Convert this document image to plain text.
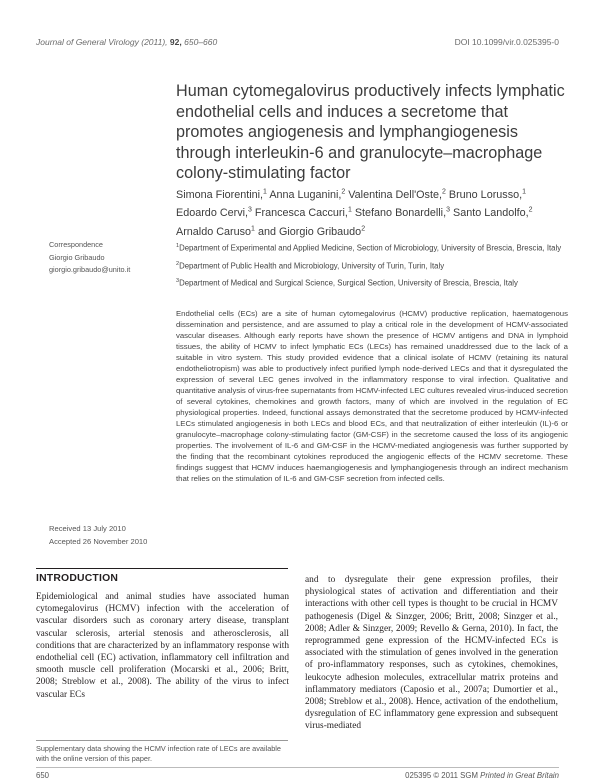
Journal of General Virology (2011), 92, 650–660	DOI 10.1099/vir.0.025395-0
Human cytomegalovirus productively infects lymphatic endothelial cells and induces a secretome that promotes angiogenesis and lymphangiogenesis through interleukin-6 and granulocyte–macrophage colony-stimulating factor
Simona Fiorentini,$^1$ Anna Luganini,$^2$ Valentina Dell'Oste,$^2$ Bruno Lorusso,$^1$ Edoardo Cervi,$^3$ Francesca Caccuri,$^1$ Stefano Bonardelli,$^3$ Santo Landolfo,$^2$ Arnaldo Caruso$^1$ and Giorgio Gribaudo$^2$
Correspondence
Giorgio Gribaudo
giorgio.gribaudo@unito.it
$^1$Department of Experimental and Applied Medicine, Section of Microbiology, University of Brescia, Brescia, Italy
$^2$Department of Public Health and Microbiology, University of Turin, Turin, Italy
$^3$Department of Medical and Surgical Science, Surgical Section, University of Brescia, Brescia, Italy
Endothelial cells (ECs) are a site of human cytomegalovirus (HCMV) productive replication, haematogenous dissemination and persistence, and are assumed to play a critical role in the development of HCMV-associated vascular diseases. Although early reports have shown the presence of HCMV antigens and DNA in lymphoid tissues, the ability of HCMV to infect lymphatic ECs (LECs) has remained unaddressed due to the lack of a suitable in vitro system. This study provided evidence that a clinical isolate of HCMV (retaining its natural endotheliotropism) was able to productively infect purified lymph node-derived LECs and that it dysregulated the expression of several LEC genes involved in the inflammatory response to viral infection. Qualitative and quantitative analysis of virus-free supernatants from HCMV-infected LEC cultures revealed virus-induced secretion of several cytokines, chemokines and growth factors, many of which are involved in the regulation of EC physiological properties. Indeed, functional assays demonstrated that the secretome produced by HCMV-infected LECs stimulated angiogenesis in both LECs and blood ECs, and that neutralization of either interleukin (IL)-6 or granulocyte–macrophage colony-stimulating factor (GM-CSF) in the secretome caused the loss of its angiogenic properties. The involvement of IL-6 and GM-CSF in the HCMV-mediated angiogenesis was further supported by the finding that the recombinant cytokines reproduced the angiogenic effects of the HCMV secretome. These findings suggest that HCMV induces haemangiogenesis and lymphangiogenesis through an indirect mechanism that relies on the stimulation of IL-6 and GM-CSF secretion from infected cells.
Received 13 July 2010
Accepted 26 November 2010
INTRODUCTION
Epidemiological and animal studies have associated human cytomegalovirus (HCMV) infection with the acceleration of vascular disorders such as coronary artery disease, transplant vascular sclerosis, arterial stenosis and atherosclerosis, all conditions that are characterized by an inflammatory response with endothelial cell (EC) activation, inflammatory cell infiltration and smooth muscle cell proliferation (Mocarski et al., 2006; Britt, 2008; Streblow et al., 2008). The ability of the virus to infect vascular ECs
and to dysregulate their gene expression profiles, their physiological states of activation and differentiation and their interactions with other cell types is thought to be crucial in HCMV pathogenesis (Digel & Sinzger, 2006; Britt, 2008; Sinzger et al., 2008; Adler & Sinzger, 2009; Revello & Gerna, 2010). In fact, the reprogrammed gene expression of the HCMV-infected ECs is associated with the stimulation of genes involved in the generation of pro-inflammatory responses, such as cytokines, chemokines, leukocyte adhesion molecules, extracellular matrix proteins and inflammatory mediators (Caposio et al., 2007a; Dumortier et al., 2008; Streblow et al., 2008). Hence, activation of the endothelium, dysregulation of EC inflammatory gene expression and subsequent virus-mediated
Supplementary data showing the HCMV infection rate of LECs are available with the online version of this paper.
650	025395 © 2011 SGM Printed in Great Britain
